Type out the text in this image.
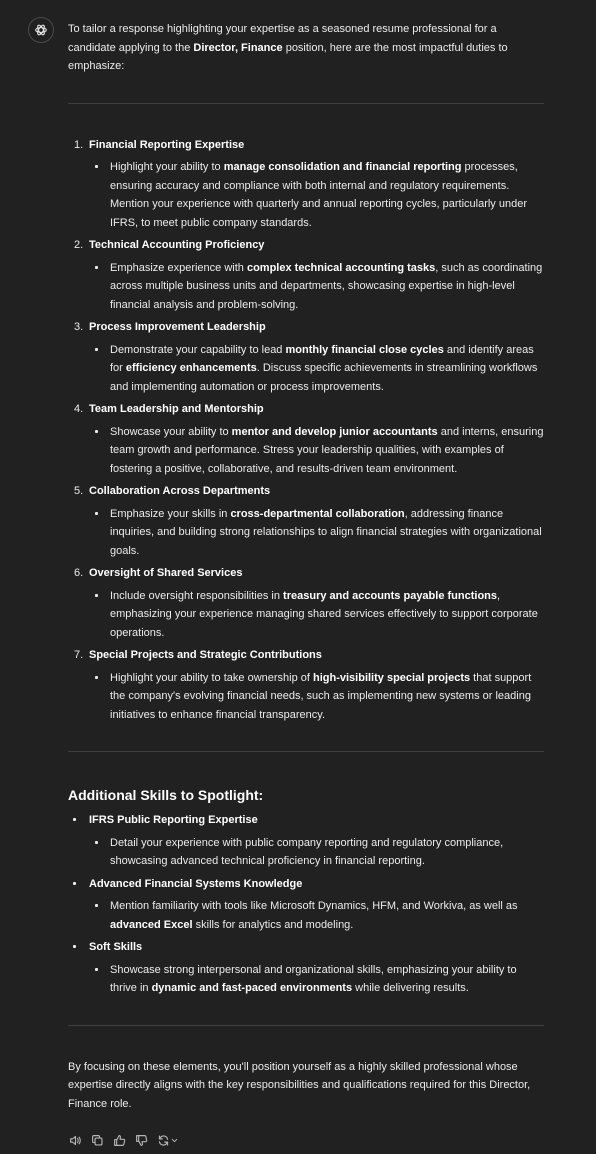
To tailor a response highlighting your expertise as a seasoned resume professional for a candidate applying to the Director, Finance position, here are the most impactful duties to emphasize:

1. Financial Reporting Expertise
Highlight your ability to manage consolidation and financial reporting processes, ensuring accuracy and compliance with both internal and regulatory requirements. Mention your experience with quarterly and annual reporting cycles, particularly under IFRS, to meet public company standards.
2. Technical Accounting Proficiency
Emphasize experience with complex technical accounting tasks, such as coordinating across multiple business units and departments, showcasing expertise in high-level financial analysis and problem-solving.
3. Process Improvement Leadership
Demonstrate your capability to lead monthly financial close cycles and identify areas for efficiency enhancements. Discuss specific achievements in streamlining workflows and implementing automation or process improvements.
4. Team Leadership and Mentorship
Showcase your ability to mentor and develop junior accountants and interns, ensuring team growth and performance. Stress your leadership qualities, with examples of fostering a positive, collaborative, and results-driven team environment.
5. Collaboration Across Departments
Emphasize your skills in cross-departmental collaboration, addressing finance inquiries, and building strong relationships to align financial strategies with organizational goals.
6. Oversight of Shared Services
Include oversight responsibilities in treasury and accounts payable functions, emphasizing your experience managing shared services effectively to support corporate operations.
7. Special Projects and Strategic Contributions
Highlight your ability to take ownership of high-visibility special projects that support the company's evolving financial needs, such as implementing new systems or leading initiatives to enhance financial transparency.
Additional Skills to Spotlight:
IFRS Public Reporting Expertise
Detail your experience with public company reporting and regulatory compliance, showcasing advanced technical proficiency in financial reporting.
Advanced Financial Systems Knowledge
Mention familiarity with tools like Microsoft Dynamics, HFM, and Workiva, as well as advanced Excel skills for analytics and modeling.
Soft Skills
Showcase strong interpersonal and organizational skills, emphasizing your ability to thrive in dynamic and fast-paced environments while delivering results.

By focusing on these elements, you'll position yourself as a highly skilled professional whose expertise directly aligns with the key responsibilities and qualifications required for this Director, Finance role.
